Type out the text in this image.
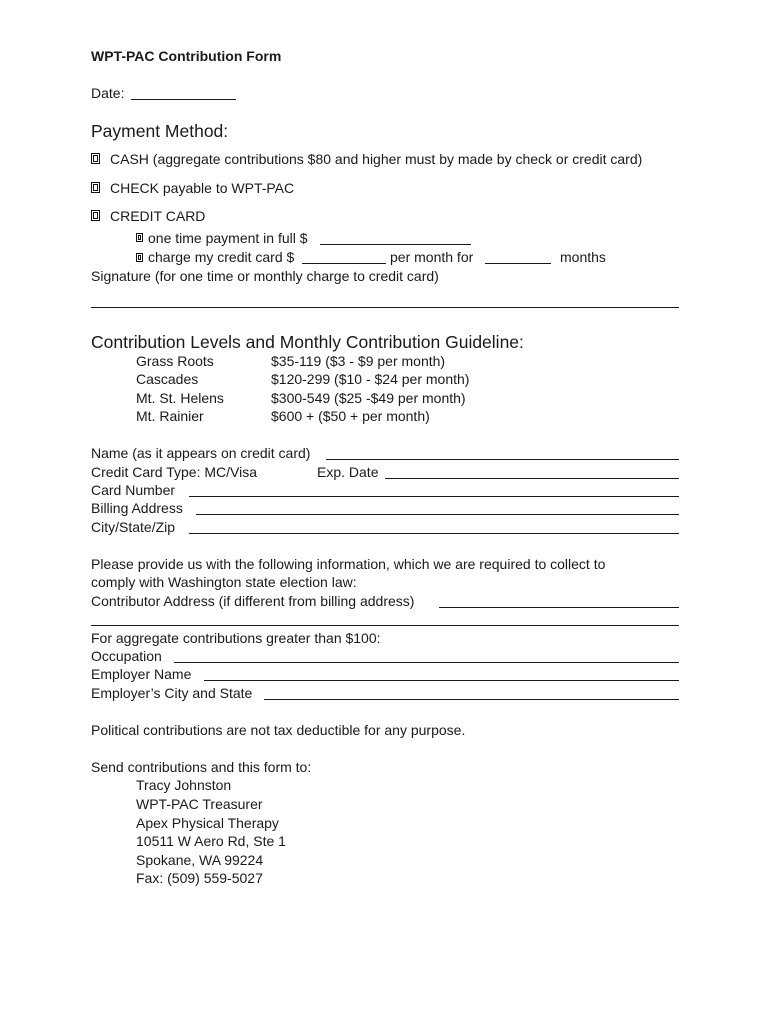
WPT-PAC Contribution Form
Date:
Payment Method:
CASH (aggregate contributions $80 and higher must by made by check or credit card)
CHECK payable to WPT-PAC
CREDIT CARD
one time payment in full $
charge my credit card $	per month for	months
Signature (for one time or monthly charge to credit card)
Contribution Levels and Monthly Contribution Guideline:
Grass Roots	$35-119 ($3 - $9 per month)
Cascades	$120-299 ($10 - $24 per month)
Mt. St. Helens	$300-549 ($25 -$49 per month)
Mt. Rainier	$600 + ($50 + per month)
Name (as it appears on credit card)
Credit Card Type: MC/Visa	Exp. Date
Card Number
Billing Address
City/State/Zip
Please provide us with the following information, which we are required to collect to
comply with Washington state election law:
Contributor Address (if different from billing address)
For aggregate contributions greater than $100:
Occupation
Employer Name
Employer’s City and State
Political contributions are not tax deductible for any purpose.
Send contributions and this form to:
Tracy Johnston
WPT-PAC Treasurer
Apex Physical Therapy
10511 W Aero Rd, Ste 1
Spokane, WA 99224
Fax: (509) 559-5027
